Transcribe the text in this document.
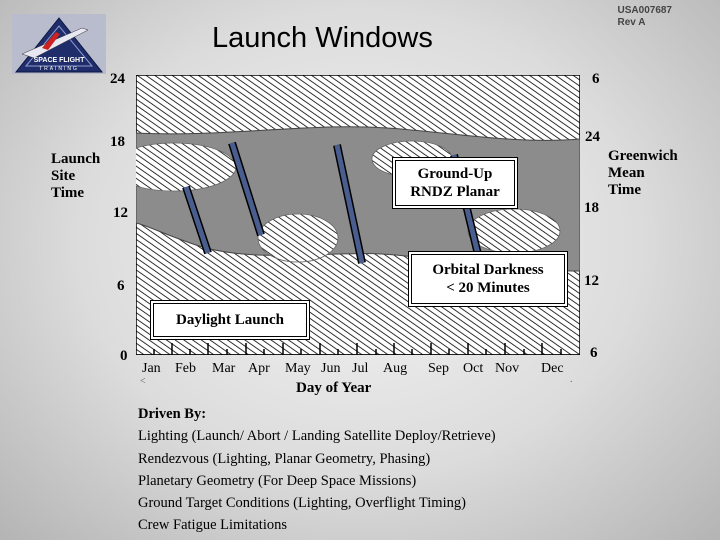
SPACE FLIGHT
TRAINING
USA007687
Rev A
Launch Windows
Ground-Up
RNDZ Planar
Orbital Darkness
< 20 Minutes
Daylight Launch
24
18
12
6
0
Launch
Site
Time
6
24
18
12
6
Greenwich
Mean
Time
Jan Feb Mar Apr May Jun Jul Aug Sep Oct Nov Dec
<	.
Day of Year
Driven By:
Lighting (Launch/ Abort / Landing Satellite Deploy/Retrieve)
Rendezvous (Lighting, Planar Geometry, Phasing)
Planetary Geometry (For Deep Space Missions)
Ground Target Conditions (Lighting, Overflight Timing)
Crew Fatigue Limitations
